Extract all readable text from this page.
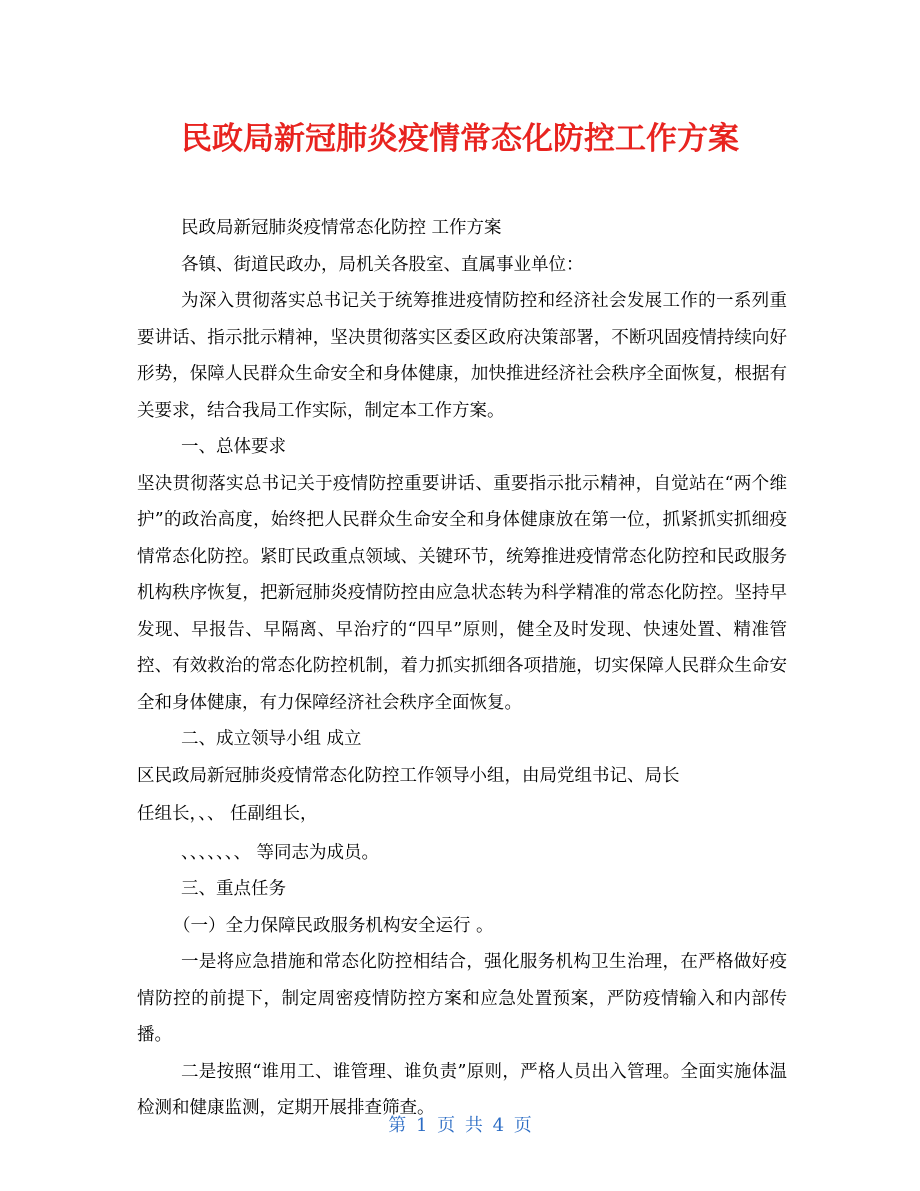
民政局新冠肺炎疫情常态化防控工作方案

民政局新冠肺炎疫情常态化防控 工作方案

各镇、街道民政办，局机关各股室、直属事业单位：

为深入贯彻落实总书记关于统筹推进疫情防控和经济社会发展工作的一系列重要讲话、指示批示精神，坚决贯彻落实区委区政府决策部署，不断巩固疫情持续向好形势，保障人民群众生命安全和身体健康，加快推进经济社会秩序全面恢复，根据有关要求，结合我局工作实际，制定本工作方案。

一、总体要求

坚决贯彻落实总书记关于疫情防控重要讲话、重要指示批示精神，自觉站在“两个维护”的政治高度，始终把人民群众生命安全和身体健康放在第一位，抓紧抓实抓细疫情常态化防控。紧盯民政重点领域、关键环节，统筹推进疫情常态化防控和民政服务机构秩序恢复，把新冠肺炎疫情防控由应急状态转为科学精准的常态化防控。坚持早发现、早报告、早隔离、早治疗的“四早”原则，健全及时发现、快速处置、精准管控、有效救治的常态化防控机制，着力抓实抓细各项措施，切实保障人民群众生命安全和身体健康，有力保障经济社会秩序全面恢复。

二、成立领导小组 成立

区民政局新冠肺炎疫情常态化防控工作领导小组，由局党组书记、局长

任组长，、、 任副组长，

、、、、、、、 等同志为成员。

三、重点任务

（一）全力保障民政服务机构安全运行 。

一是将应急措施和常态化防控相结合，强化服务机构卫生治理，在严格做好疫情防控的前提下，制定周密疫情防控方案和应急处置预案，严防疫情输入和内部传播。

二是按照“谁用工、谁管理、谁负责”原则，严格人员出入管理。全面实施体温检测和健康监测，定期开展排查筛查。

第 1 页 共 4 页
